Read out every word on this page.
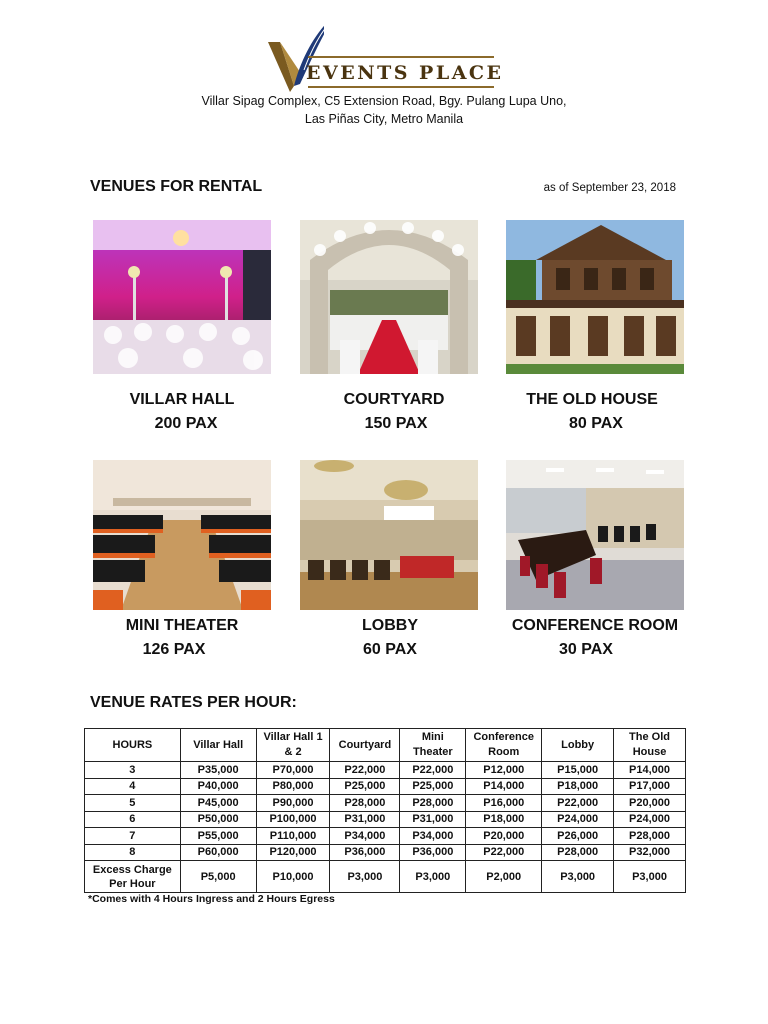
EVENTS PLACE
Villar Sipag Complex, C5 Extension Road, Bgy. Pulang Lupa Uno,
Las Piñas City, Metro Manila
VENUES FOR RENTAL	as of September 23, 2018
VILLAR HALL
200 PAX
COURTYARD
150 PAX
THE OLD HOUSE
80 PAX
MINI THEATER
126 PAX
LOBBY
60 PAX
CONFERENCE ROOM
30 PAX
VENUE RATES PER HOUR:
HOURS	Villar Hall	Villar Hall 1 & 2	Courtyard	Mini Theater	Conference Room	Lobby	The Old House
3	P35,000	P70,000	P22,000	P22,000	P12,000	P15,000	P14,000
4	P40,000	P80,000	P25,000	P25,000	P14,000	P18,000	P17,000
5	P45,000	P90,000	P28,000	P28,000	P16,000	P22,000	P20,000
6	P50,000	P100,000	P31,000	P31,000	P18,000	P24,000	P24,000
7	P55,000	P110,000	P34,000	P34,000	P20,000	P26,000	P28,000
8	P60,000	P120,000	P36,000	P36,000	P22,000	P28,000	P32,000
Excess Charge Per Hour	P5,000	P10,000	P3,000	P3,000	P2,000	P3,000	P3,000
*Comes with 4 Hours Ingress and 2 Hours Egress
